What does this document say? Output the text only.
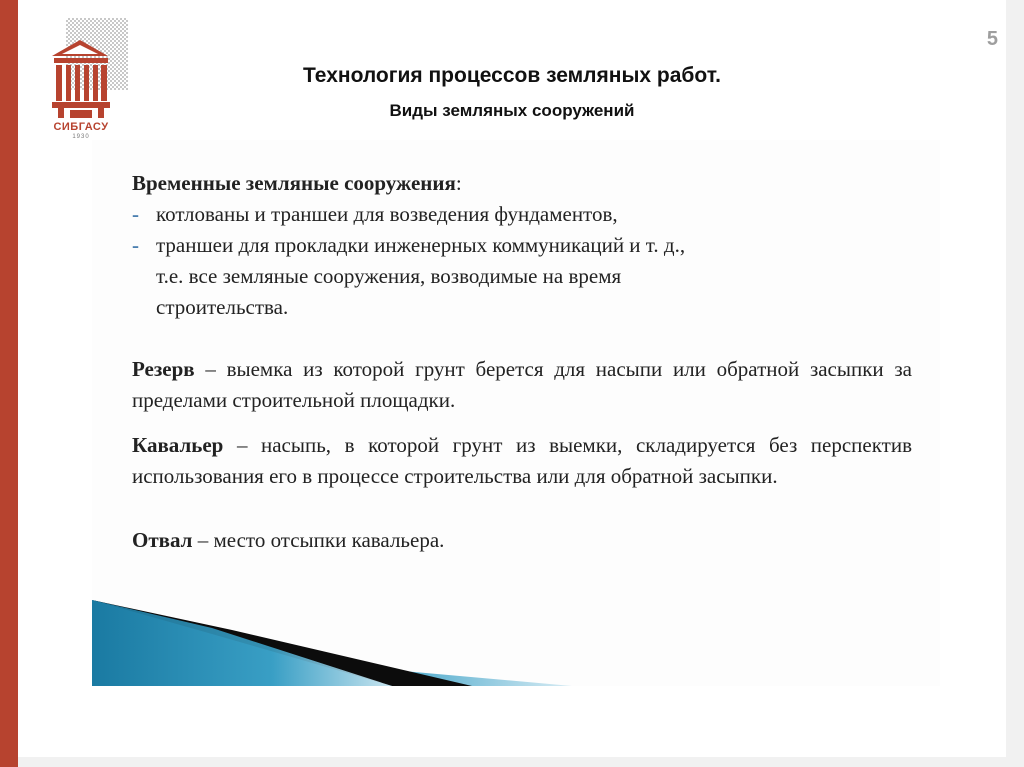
СИБГАСУ
1930
5
Технология процессов земляных работ.
Виды земляных сооружений

Временные земляные сооружения:

- котлованы и траншеи для возведения фундаментов,
- траншеи для прокладки инженерных коммуникаций и т. д.,

т.е. все земляные сооружения, возводимые на время

строительства.

Резерв – выемка из которой грунт берется для насыпи или обратной засыпки за пределами строительной площадки.

Кавальер – насыпь, в которой грунт из выемки, складируется без перспектив использования его в процессе строительства или для обратной засыпки.

Отвал – место отсыпки кавальера.
